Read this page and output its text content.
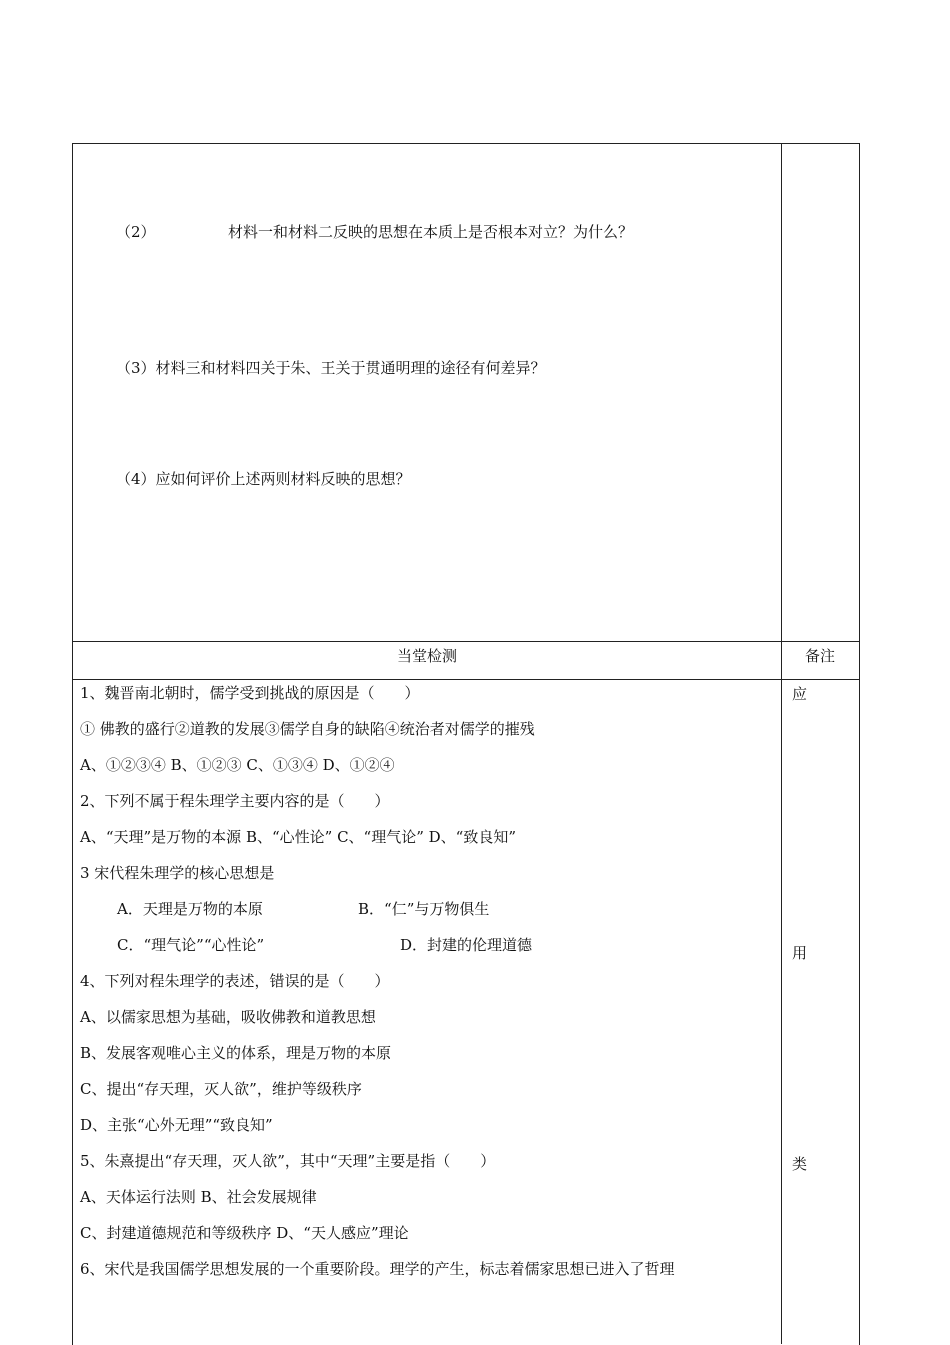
（2）	材料一和材料二反映的思想在本质上是否根本对立？为什么？
（3）材料三和材料四关于朱、王关于贯通明理的途径有何差异？
（4）应如何评价上述两则材料反映的思想？
当堂检测	备注
应
用
类
1、魏晋南北朝时，儒学受到挑战的原因是（　　）
① 佛教的盛行②道教的发展③儒学自身的缺陷④统治者对儒学的摧残
A、①②③④ B、①②③ C、①③④ D、①②④
2、下列不属于程朱理学主要内容的是（　　）
A、“天理”是万物的本源 B、“心性论” C、“理气论” D、“致良知”
3 宋代程朱理学的核心思想是
A．天理是万物的本原	B．“仁”与万物俱生
C．“理气论”“心性论”	D．封建的伦理道德
4、下列对程朱理学的表述，错误的是（　　）
A、以儒家思想为基础，吸收佛教和道教思想
B、发展客观唯心主义的体系，理是万物的本原
C、提出“存天理，灭人欲”，维护等级秩序
D、主张“心外无理”“致良知”
5、朱熹提出“存天理，灭人欲”，其中“天理”主要是指（　　）
A、天体运行法则 B、社会发展规律
C、封建道德规范和等级秩序 D、“天人感应”理论
6、宋代是我国儒学思想发展的一个重要阶段。理学的产生，标志着儒家思想已进入了哲理
